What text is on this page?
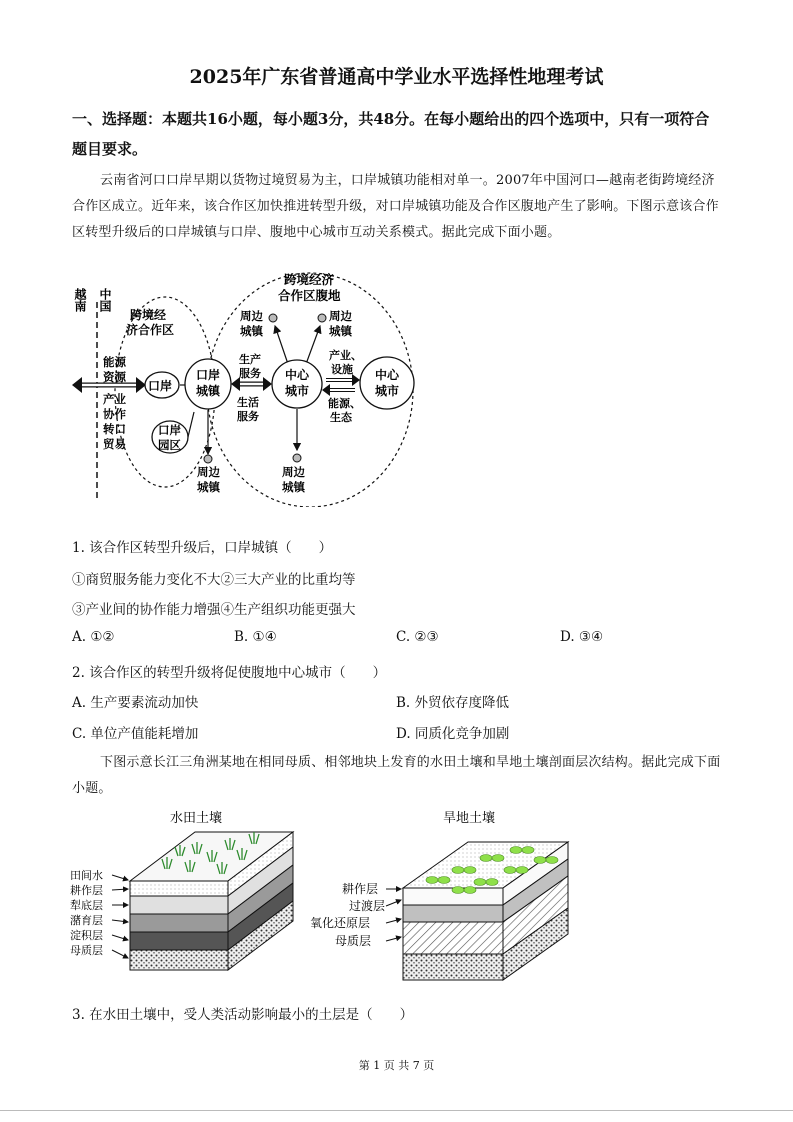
2025年广东省普通高中学业水平选择性地理考试
一、选择题：本题共16小题，每小题3分，共48分。在每小题给出的四个选项中，只有一项符合题目要求。
云南省河口口岸早期以货物过境贸易为主，口岸城镇功能相对单一。2007年中国河口—越南老街跨境经济合作区成立。近年来，该合作区加快推进转型升级，对口岸城镇功能及合作区腹地产生了影响。下图示意该合作区转型升级后的口岸城镇与口岸、腹地中心城市互动关系模式。据此完成下面小题。
越南 中国
跨境经
济合作区
能源
资源
产业
协作
转口
贸易
口岸
口岸
园区
口岸
城镇
周边
城镇
生产
服务
生活
服务
跨境经济
合作区腹地
周边
城镇
周边
城镇
中心
城市
周边
城镇
产业、
设施
能源、
生态
中心
城市
1. 该合作区转型升级后，口岸城镇（　　）
①商贸服务能力变化不大②三大产业的比重均等
③产业间的协作能力增强④生产组织功能更强大
A. ①②	B. ①④	C. ②③	D. ③④
2. 该合作区的转型升级将促使腹地中心城市（　　）
A. 生产要素流动加快	B. 外贸依存度降低
C. 单位产值能耗增加	D. 同质化竞争加剧
下图示意长江三角洲某地在相同母质、相邻地块上发育的水田土壤和旱地土壤剖面层次结构。据此完成下面小题。
水田土壤	旱地土壤
田间水
耕作层
犁底层
潴育层
淀积层
母质层
耕作层
过渡层
氧化还原层
母质层
3. 在水田土壤中，受人类活动影响最小的土层是（　　）
第 1 页 共 7 页
